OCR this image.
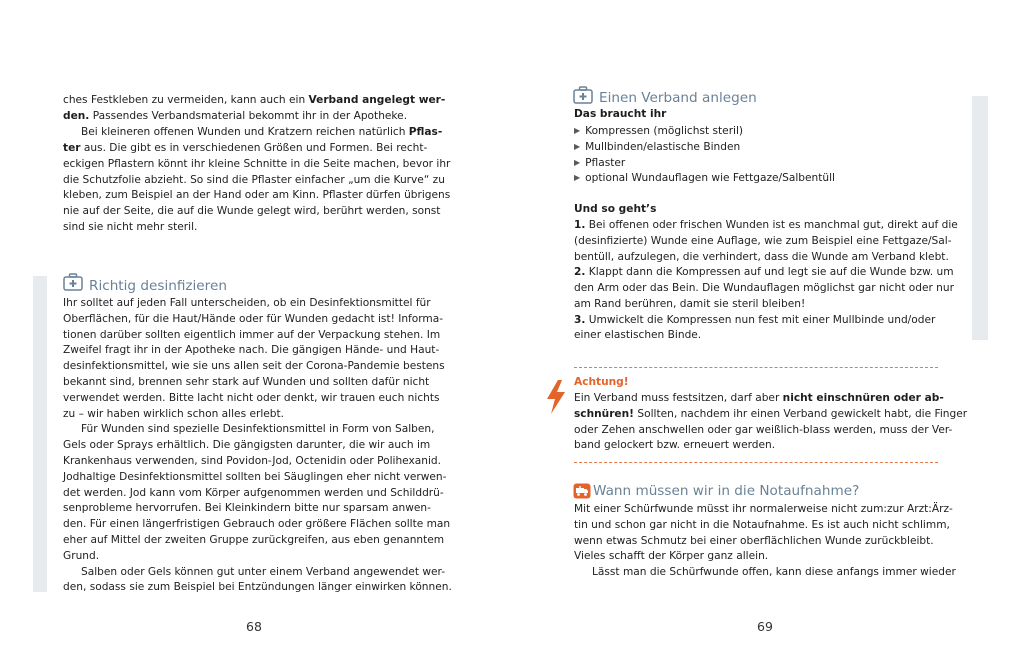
ches Festkleben zu vermeiden, kann auch ein Verband angelegt wer-
den. Passendes Verbandsmaterial bekommt ihr in der Apotheke.
Bei kleineren offenen Wunden und Kratzern reichen natürlich Pflas-
ter aus. Die gibt es in verschiedenen Größen und Formen. Bei recht-
eckigen Pflastern könnt ihr kleine Schnitte in die Seite machen, bevor ihr
die Schutzfolie abzieht. So sind die Pflaster einfacher „um die Kurve“ zu
kleben, zum Beispiel an der Hand oder am Kinn. Pflaster dürfen übrigens
nie auf der Seite, die auf die Wunde gelegt wird, berührt werden, sonst
sind sie nicht mehr steril.
Richtig desinfizieren
Ihr solltet auf jeden Fall unterscheiden, ob ein Desinfektionsmittel für
Oberflächen, für die Haut/Hände oder für Wunden gedacht ist! Informa-
tionen darüber sollten eigentlich immer auf der Verpackung stehen. Im
Zweifel fragt ihr in der Apotheke nach. Die gängigen Hände- und Haut-
desinfektionsmittel, wie sie uns allen seit der Corona-Pandemie bestens
bekannt sind, brennen sehr stark auf Wunden und sollten dafür nicht
verwendet werden. Bitte lacht nicht oder denkt, wir trauen euch nichts
zu – wir haben wirklich schon alles erlebt.
Für Wunden sind spezielle Desinfektionsmittel in Form von Salben,
Gels oder Sprays erhältlich. Die gängigsten darunter, die wir auch im
Krankenhaus verwenden, sind Povidon-Jod, Octenidin oder Polihexanid.
Jodhaltige Desinfektionsmittel sollten bei Säuglingen eher nicht verwen-
det werden. Jod kann vom Körper aufgenommen werden und Schilddrü-
senprobleme hervorrufen. Bei Kleinkindern bitte nur sparsam anwen-
den. Für einen längerfristigen Gebrauch oder größere Flächen sollte man
eher auf Mittel der zweiten Gruppe zurückgreifen, aus eben genanntem
Grund.
Salben oder Gels können gut unter einem Verband angewendet wer-
den, sodass sie zum Beispiel bei Entzündungen länger einwirken können.
68
Einen Verband anlegen
Das braucht ihr
▶ Kompressen (möglichst steril)
▶ Mullbinden/elastische Binden
▶ Pflaster
▶ optional Wundauflagen wie Fettgaze/Salbentüll
Und so geht’s
1. Bei offenen oder frischen Wunden ist es manchmal gut, direkt auf die
(desinfizierte) Wunde eine Auflage, wie zum Beispiel eine Fettgaze/Sal-
bentüll, aufzulegen, die verhindert, dass die Wunde am Verband klebt.
2. Klappt dann die Kompressen auf und legt sie auf die Wunde bzw. um
den Arm oder das Bein. Die Wundauflagen möglichst gar nicht oder nur
am Rand berühren, damit sie steril bleiben!
3. Umwickelt die Kompressen nun fest mit einer Mullbinde und/oder
einer elastischen Binde.
Achtung!
Ein Verband muss festsitzen, darf aber nicht einschnüren oder ab-
schnüren! Sollten, nachdem ihr einen Verband gewickelt habt, die Finger
oder Zehen anschwellen oder gar weißlich-blass werden, muss der Ver-
band gelockert bzw. erneuert werden.
Wann müssen wir in die Notaufnahme?
Mit einer Schürfwunde müsst ihr normalerweise nicht zum:zur Arzt:Ärz-
tin und schon gar nicht in die Notaufnahme. Es ist auch nicht schlimm,
wenn etwas Schmutz bei einer oberflächlichen Wunde zurückbleibt.
Vieles schafft der Körper ganz allein.
Lässt man die Schürfwunde offen, kann diese anfangs immer wieder
69
